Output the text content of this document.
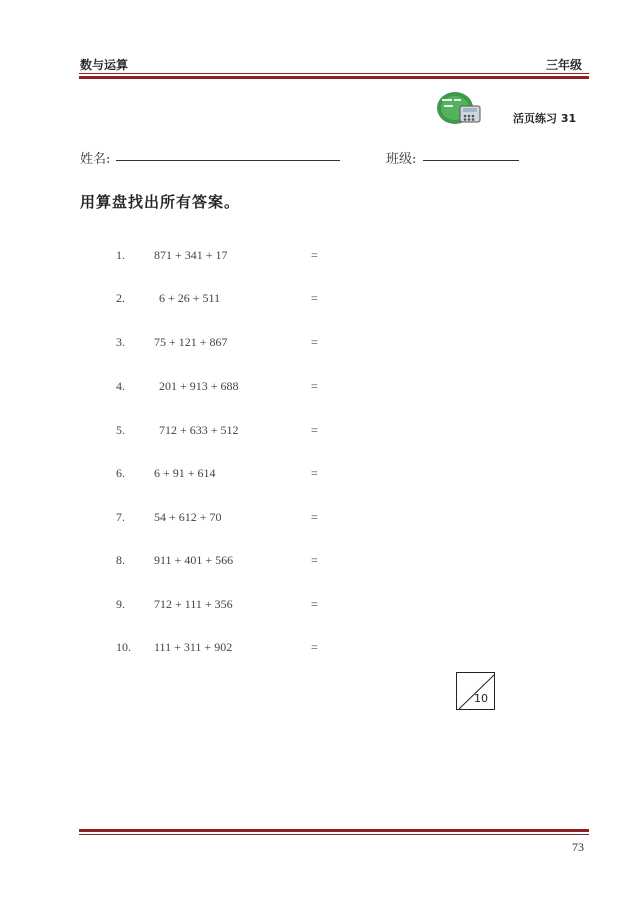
数与运算	三年级
活页练习 31
姓名:	班级:
用算盘找出所有答案。
1. 871 + 341 + 17	=
2.	6 + 26 + 511	=
3. 75 + 121 + 867	=
4.	201 + 913 + 688	=
5.	712 + 633 + 512	=
6. 6 + 91 + 614	=
7. 54 + 612 + 70	=
8. 911 + 401 + 566	=
9. 712 + 111 + 356	=
10. 111 + 311 + 902	=
10
73
